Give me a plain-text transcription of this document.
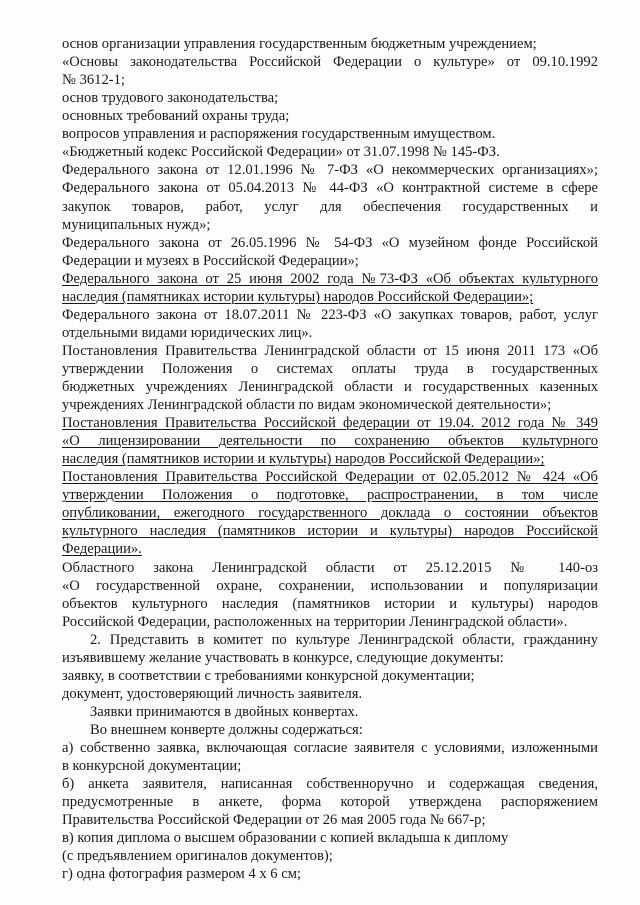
основ организации управления государственным бюджетным учреждением;
«Основы законодательства Российской Федерации о культуре» от 09.10.1992
№ 3612-1;
основ трудового законодательства;
основных требований охраны труда;
вопросов управления и распоряжения государственным имуществом.
«Бюджетный кодекс Российской Федерации» от 31.07.1998 № 145-ФЗ.
Федерального закона от 12.01.1996 № 7-ФЗ «О некоммерческих организациях»;
Федерального закона от 05.04.2013 № 44-ФЗ «О контрактной системе в сфере
закупок товаров, работ, услуг для обеспечения государственных и
муниципальных нужд»;
Федерального закона от 26.05.1996 № 54-ФЗ «О музейном фонде Российской
Федерации и музеях в Российской Федерации»;
Федерального закона от 25 июня 2002 года №73-ФЗ «Об объектах культурного
наследия (памятниках истории культуры) народов Российской Федерации»;
Федерального закона от 18.07.2011 № 223-ФЗ «О закупках товаров, работ, услуг
отдельными видами юридических лиц».
Постановления Правительства Ленинградской области от 15 июня 2011 173 «Об
утверждении Положения о системах оплаты труда в государственных
бюджетных учреждениях Ленинградской области и государственных казенных
учреждениях Ленинградской области по видам экономической деятельности»;
Постановления Правительства Российской федерации от 19.04. 2012 года № 349
«О лицензировании деятельности по сохранению объектов культурного
наследия (памятников истории и культуры) народов Российской Федерации»;
Постановления Правительства Российской Федерации от 02.05.2012 № 424 «Об
утверждении Положения о подготовке, распространении, в том числе
опубликовании, ежегодного государственного доклада о состоянии объектов
культурного наследия (памятников истории и культуры) народов Российской
Федерации».
Областного закона Ленинградской области от 25.12.2015 № 140-оз
«О государственной охране, сохранении, использовании и популяризации
объектов культурного наследия (памятников истории и культуры) народов
Российской Федерации, расположенных на территории Ленинградской области».
2. Представить в комитет по культуре Ленинградской области, гражданину
изъявившему желание участвовать в конкурсе, следующие документы:
заявку, в соответствии с требованиями конкурсной документации;
документ, удостоверяющий личность заявителя.
Заявки принимаются в двойных конвертах.
Во внешнем конверте должны содержаться:
а) собственно заявка, включающая согласие заявителя с условиями, изложенными
в конкурсной документации;
б) анкета заявителя, написанная собственноручно и содержащая сведения,
предусмотренные в анкете, форма которой утверждена распоряжением
Правительства Российской Федерации от 26 мая 2005 года № 667-р;
в) копия диплома о высшем образовании с копией вкладыша к диплому
(с предъявлением оригиналов документов);
г) одна фотография размером 4 х 6 см;
